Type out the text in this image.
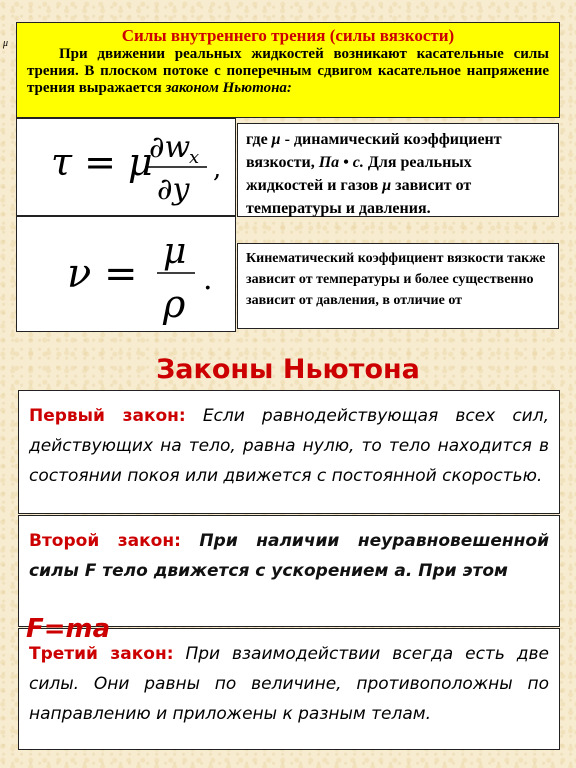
μ	Силы внутреннего трения (силы вязкости)
При движении реальных жидкостей возникают касательные силы трения. В плоском потоке с поперечным сдвигом касательное напряжение трения выражается законом Ньютона:
τ = μ
∂w
x
∂y
,
ν = μ
ρ
.
где μ - динамический коэффициент вязкости, Па • с. Для реальных жидкостей и газов μ зависит от температуры и давления.
Кинематический коэффициент вязкости также зависит от температуры и более существенно зависит от давления, в отличие от
Законы Ньютона
Первый закон: Если равнодействующая всех сил, действующих на тело, равна нулю, то тело находится в состоянии покоя или движется с постоянной скоростью.
Второй закон: При наличии неуравновешенной силы F тело движется с ускорением а. При этом
F=ma
Третий закон: При взаимодействии всегда есть две силы. Они равны по величине, противоположны по направлению и приложены к разным телам.
